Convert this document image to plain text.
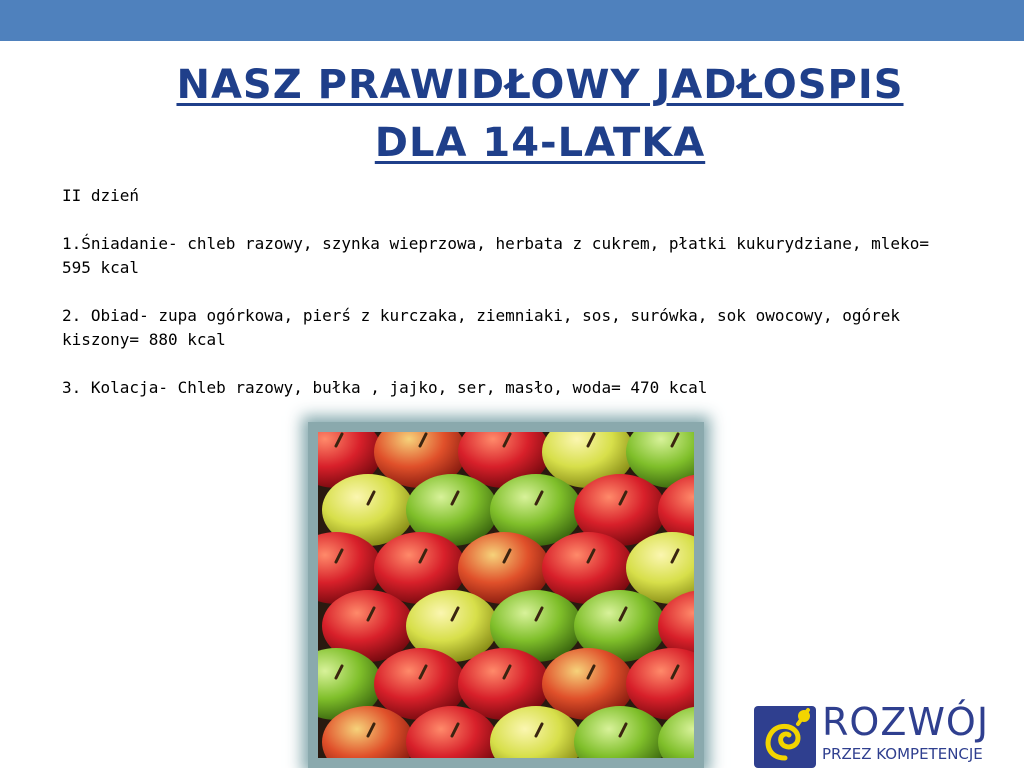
NASZ PRAWIDŁOWY JADŁOSPIS
DLA 14-LATKA

II dzień

1.Śniadanie- chleb razowy, szynka wieprzowa, herbata z cukrem, płatki kukurydziane, mleko= 595 kcal

2. Obiad- zupa ogórkowa, pierś z kurczaka, ziemniaki, sos, surówka, sok owocowy, ogórek kiszony= 880 kcal

3. Kolacja- Chleb razowy, bułka , jajko, ser, masło, woda= 470 kcal

ROZWÓJ
PRZEZ KOMPETENCJE
